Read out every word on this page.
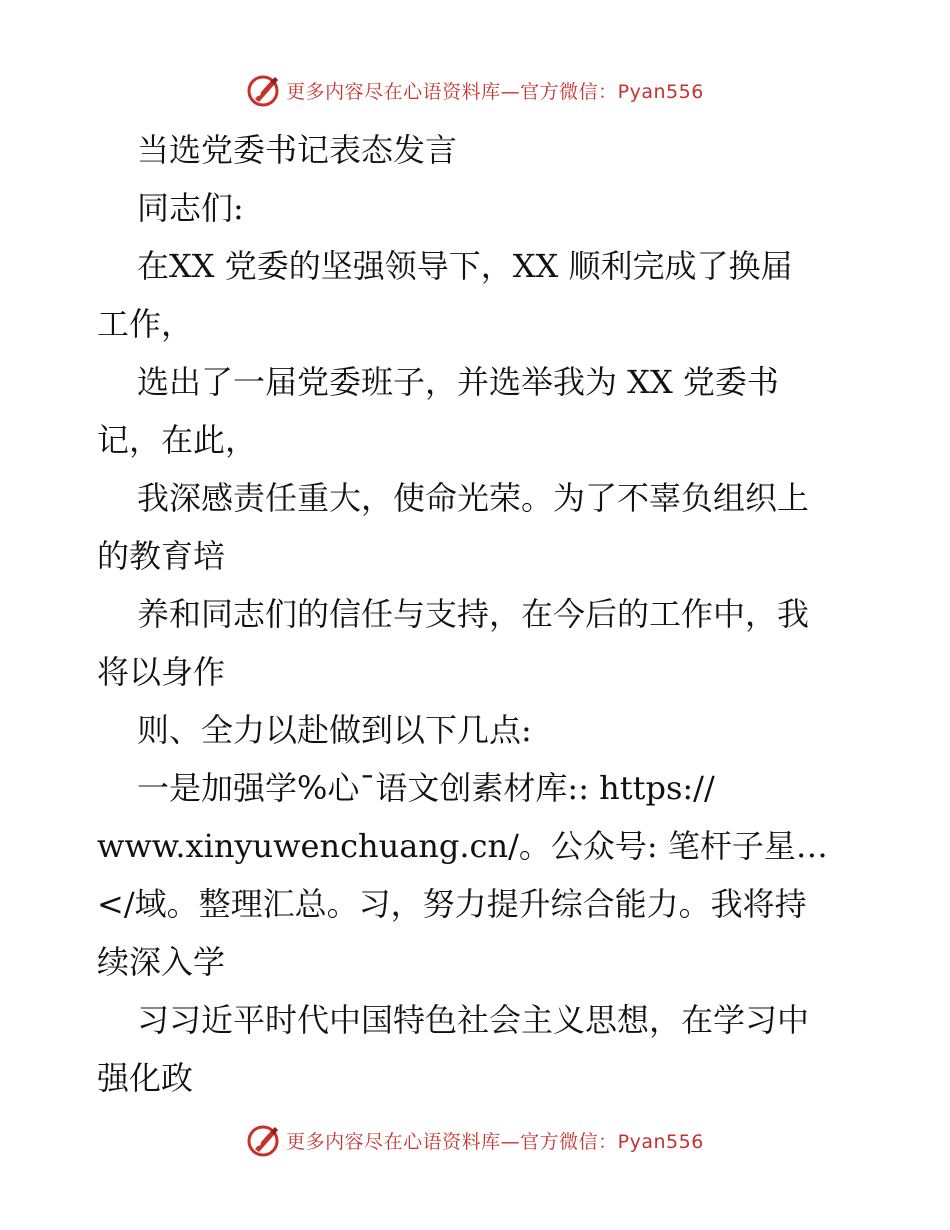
更多内容尽在心语资料库—官方微信：Pyan556
当选党委书记表态发言
同志们:
在XX 党委的坚强领导下，XX 顺利完成了换届
工作，
选出了一届党委班子，并选举我为 XX 党委书
记，在此，
我深感责任重大，使命光荣。为了不辜负组织上
的教育培
养和同志们的信任与支持，在今后的工作中，我
将以身作
则、全力以赴做到以下几点:
一是加强学%心¯语文创素材库:: https://
www.xinyuwenchuang.cn/。公众号: 笔杆子星…
</域。整理汇总。习，努力提升综合能力。我将持
续深入学
习习近平时代中国特色社会主义思想，在学习中
强化政
更多内容尽在心语资料库—官方微信：Pyan556
